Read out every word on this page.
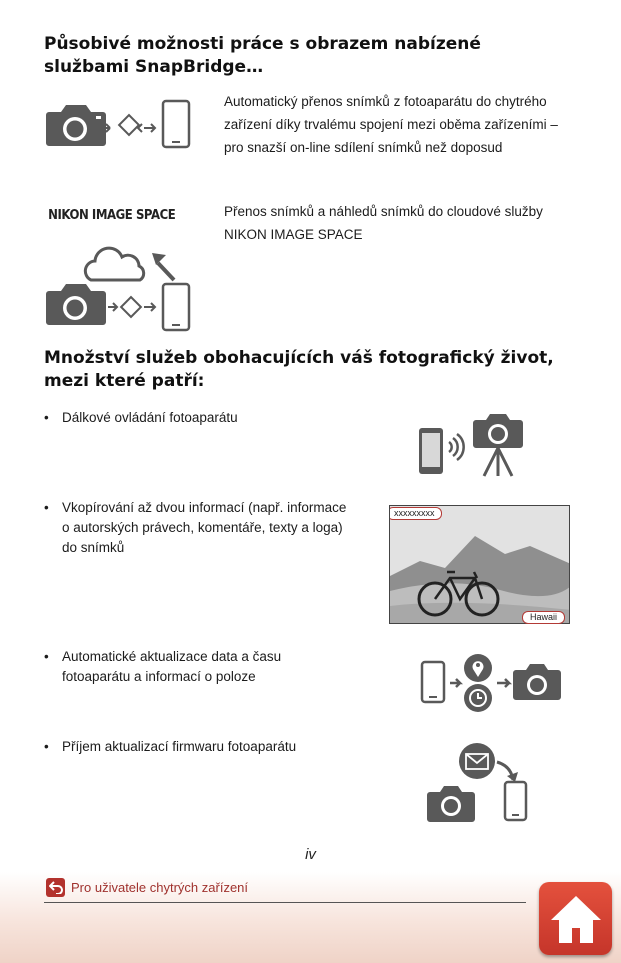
Působivé možnosti práce s obrazem nabízené službami SnapBridge…

Automatický přenos snímků z fotoaparátu do chytrého zařízení díky trvalému spojení mezi oběma zařízeními – pro snazší on-line sdílení snímků než doposud

NIKON IMAGE SPACE	Přenos snímků a náhledů snímků do cloudové služby NIKON IMAGE SPACE

Množství služeb obohacujících váš fotografický život, mezi které patří:
• Dálkové ovládání fotoaparátu
• Vkopírování až dvou informací (např. informace o autorských právech, komentáře, texty a loga) do snímků
xxxxxxxxx
Hawaii
• Automatické aktualizace data a času fotoaparátu a informací o poloze
• Příjem aktualizací firmwaru fotoaparátu
iv
Pro uživatele chytrých zařízení
